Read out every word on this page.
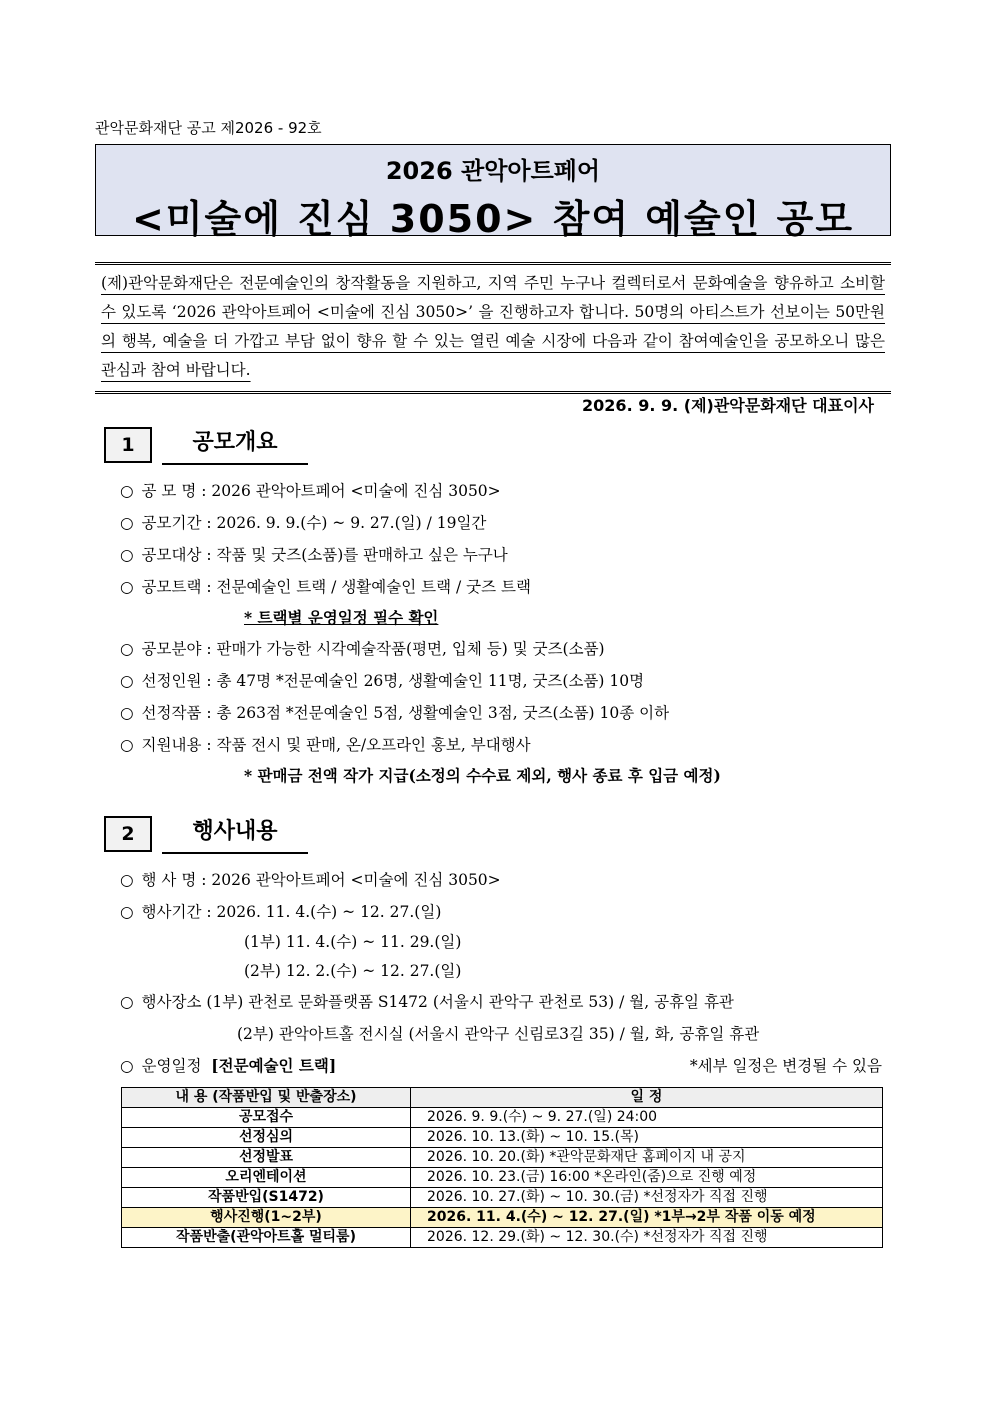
관악문화재단 공고 제2026 - 92호
2026 관악아트페어
<미술에 진심 3050> 참여 예술인 공모
(제)관악문화재단은 전문예술인의 창작활동을 지원하고, 지역 주민 누구나 컬렉터로서 문화예술을 향유하고 소비할 수 있도록 ‘2026 관악아트페어 <미술에 진심 3050>’ 을 진행하고자 합니다. 50명의 아티스트가 선보이는 50만원의 행복, 예술을 더 가깝고 부담 없이 향유 할 수 있는 열린 예술 시장에 다음과 같이 참여예술인을 공모하오니 많은 관심과 참여 바랍니다.
2026. 9. 9. (제)관악문화재단 대표이사
1	공모개요
○ 공 모 명 : 2026 관악아트페어 <미술에 진심 3050>
○ 공모기간 : 2026. 9. 9.(수) ~ 9. 27.(일) / 19일간
○ 공모대상 : 작품 및 굿즈(소품)를 판매하고 싶은 누구나
○ 공모트랙 : 전문예술인 트랙 / 생활예술인 트랙 / 굿즈 트랙
* 트랙별 운영일정 필수 확인
○ 공모분야 : 판매가 가능한 시각예술작품(평면, 입체 등) 및 굿즈(소품)
○ 선정인원 : 총 47명 *전문예술인 26명, 생활예술인 11명, 굿즈(소품) 10명
○ 선정작품 : 총 263점 *전문예술인 5점, 생활예술인 3점, 굿즈(소품) 10종 이하
○ 지원내용 : 작품 전시 및 판매, 온/오프라인 홍보, 부대행사
* 판매금 전액 작가 지급(소정의 수수료 제외, 행사 종료 후 입금 예정)
2	행사내용
○ 행 사 명 : 2026 관악아트페어 <미술에 진심 3050>
○ 행사기간 : 2026. 11. 4.(수) ~ 12. 27.(일)
(1부) 11. 4.(수) ~ 11. 29.(일)
(2부) 12. 2.(수) ~ 12. 27.(일)
○ 행사장소 (1부) 관천로 문화플랫폼 S1472 (서울시 관악구 관천로 53) / 월, 공휴일 휴관
(2부) 관악아트홀 전시실 (서울시 관악구 신림로3길 35) / 월, 화, 공휴일 휴관
○ 운영일정 [전문예술인 트랙]	*세부 일정은 변경될 수 있음
내 용 (작품반입 및 반출장소)	일 정
공모접수	2026. 9. 9.(수) ~ 9. 27.(일) 24:00
선정심의	2026. 10. 13.(화) ~ 10. 15.(목)
선정발표	2026. 10. 20.(화) *관악문화재단 홈페이지 내 공지
오리엔테이션	2026. 10. 23.(금) 16:00 *온라인(줌)으로 진행 예정
작품반입(S1472)	2026. 10. 27.(화) ~ 10. 30.(금) *선정자가 직접 진행
행사진행(1~2부)	2026. 11. 4.(수) ~ 12. 27.(일) *1부→2부 작품 이동 예정
작품반출(관악아트홀 멀티룸)	2026. 12. 29.(화) ~ 12. 30.(수) *선정자가 직접 진행
